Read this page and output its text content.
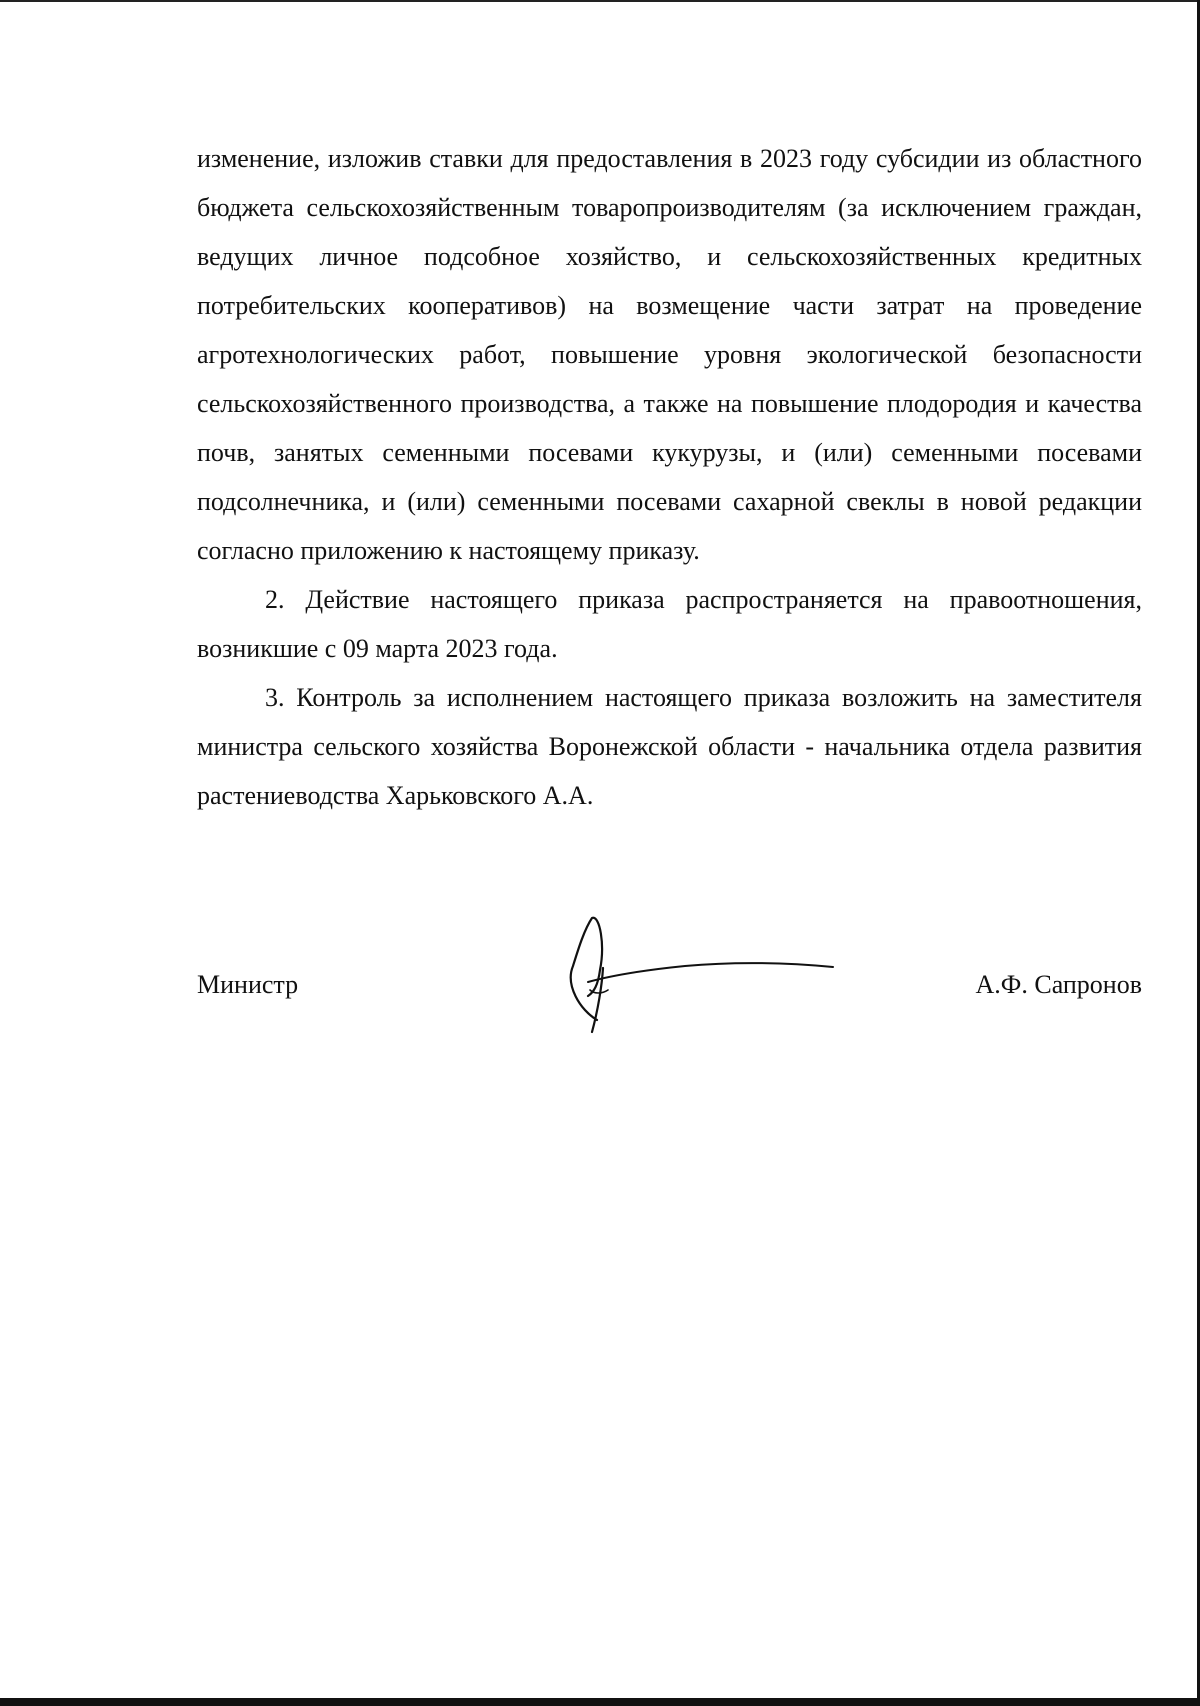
изменение, изложив ставки для предоставления в 2023 году субсидии из областного бюджета сельскохозяйственным товаропроизводителям (за исключением граждан, ведущих личное подсобное хозяйство, и сельскохозяйственных кредитных потребительских кооперативов) на возмещение части затрат на проведение агротехнологических работ, повышение уровня экологической безопасности сельскохозяйственного производства, а также на повышение плодородия и качества почв, занятых семенными посевами кукурузы, и (или) семенными посевами подсолнечника, и (или) семенными посевами сахарной свеклы в новой редакции согласно приложению к настоящему приказу.

2. Действие настоящего приказа распространяется на правоотношения, возникшие с 09 марта 2023 года.

3. Контроль за исполнением настоящего приказа возложить на заместителя министра сельского хозяйства Воронежской области - начальника отдела развития растениеводства Харьковского А.А.

Министр	А.Ф. Сапронов
